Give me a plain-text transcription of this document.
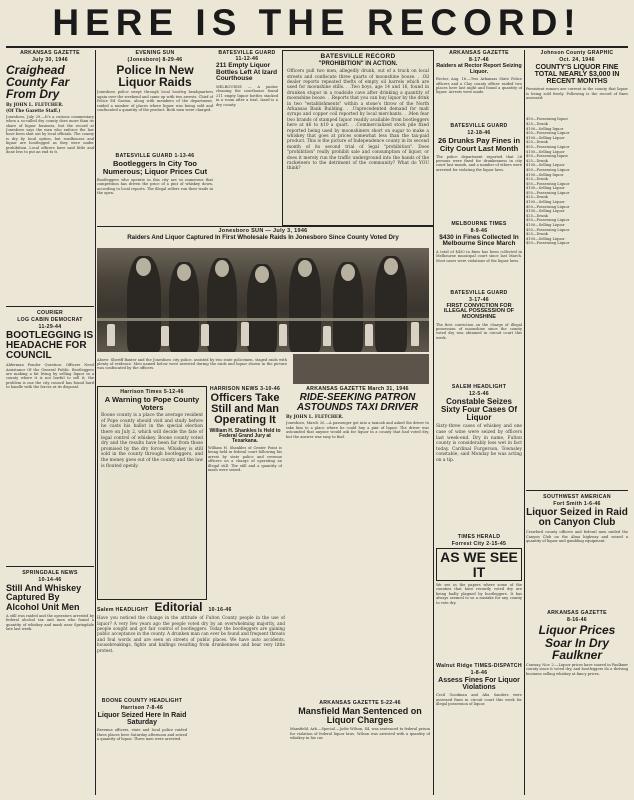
HERE IS THE RECORD!
ARKANSAS GAZETTE
July 30, 1946
Craighead County Far From Dry
By JOHN L. FLETCHER.
(Of The Gazette Staff.)

Jonesboro, July 29.—It's a curious commentary when a so-called dry county does more than its share of liquor business, but the record at Jonesboro says the men who enforce the law have been shut out by local officials. The county is dry by local option, but roadhouses and liquor are bootlegged as they were under prohibition. Local officers have said little and done less to put an end to it.

COURIER
LOG CABIN DEMOCRAT
11-29-44
BOOTLEGGING IS HEADACHE FOR COUNCIL

Alderman Ponder Question: Officers Need Assistance Of the General Public. Bootleggers are making a fat living by selling liquor in a county where it is not lawful to sell it; the problem is one the city council has found hard to handle with the forces at its disposal.

SPRINGDALE NEWS
10-14-46
Still And Whiskey Captured By Alcohol Unit Men

A still was raided and the operators arrested by federal alcohol tax unit men who found a quantity of whiskey and mash near Springdale late last week.

EVENING SUN
(Jonesboro) 8-29-46
Police In New Liquor Raids

Jonesboro police swept through local bootleg headquarters again over the weekend and came up with two arrests. Chief of Police Ed Gaston, along with members of the department, raided a number of places where liquor was being sold and confiscated a quantity of the product. Both men were charged.

BATESVILLE GUARD 1-13-46
Bootleggers In City Too Numerous; Liquor Prices Cut

Bootleggers who operate in this city are so numerous that competition has driven the price of a pint of whiskey down, according to local reports. The illegal sellers run their trade in the open.

BATESVILLE GUARD 11-12-46
211 Empty Liquor Bottles Left At Izard Courthouse

MELBOURNE — A janitor cleaning the courthouse found 211 empty liquor bottles stacked in a room after a trial. Izard is a dry county.

BATESVILLE RECORD
"PROHIBITION" IN ACTION.

Officers pull two men, allegedly drunk, out of a truck on local streets and confiscate three quarts of moonshine booze. . .Oil dealer reports repeated thefts of empty oil barrels which are used for moonshine stills. . .Two boys, age 14 and 16, found in drunken stupor in a roadside cave after drinking a quantity of moonshine booze. . .Reports that you can buy liquor by the drink in two "establishments" within a stone's throw of the North Arkansas Bank Building. . .Unprecedented demand for malt syrups and copper coil reported by local merchants. . .Men fear two brands of stamped liquor readily available from bootleggers here at $6 to $10 a quart. . .Commercialized stock pile fixed reported being used by moonshiners short on sugar to make a whiskey that goes at prices somewhat less than the tax-paid product. This is the picture of Independence county in its second month of its second trial of legal "prohibition". Does "prohibition" really prohibit sale and consumption of liquor, or does it merely run the traffic underground into the hands of the racketeers to the detriment of the community? What do YOU think?

ARKANSAS GAZETTE
8-17-46
Raiders at Rector Report Seizing Liquor.

Rector, Aug. 16.—Two Arkansas State Police officers and a Clay county officer raided two places here last night and found a quantity of liquor. Arrests were made.

BATESVILLE GUARD
12-18-46
26 Drunks Pay Fines in City Court Last Month

The police department reported that 26 persons were fined for drunkenness in city court last month, and a number of others were arrested for violating the liquor laws.

MELBOURNE TIMES
8-9-46
$430 in Fines Collected In Melbourne Since March

A total of $430 in fines has been collected in Melbourne municipal court since last March. Most cases were violations of the liquor laws.

BATESVILLE GUARD
3-17-46
FIRST CONVICTION FOR ILLEGAL POSSESSION OF MOONSHINE

The first conviction on the charge of illegal possession of moonshine since the county voted dry was obtained in circuit court this week.

Johnson County GRAPHIC
Oct. 24, 1946
COUNTY'S LIQUOR FINE TOTAL NEARLY $3,000 IN RECENT MONTHS

Persistent rumors are current in the county that liquor is being sold freely. Following is the record of fines assessed:

$50—Possessing liquor
$25—Drunk
$100—Selling liquor
$50—Possessing Liquor
$100—Selling Liquor
$25—Drunk
$50—Possessing Liquor
$100—Selling Liquor
$50—Possessing liquor
$25—Drunk
$100—Selling Liquor
$50—Possessing Liquor
$100—Selling liquor
$25—Drunk
$50—Possessing Liquor
$100—Selling Liquor
$50—Possessing Liquor
$25—Drunk
$100—Selling Liquor
$50—Possessing Liquor
$100—Selling Liquor
$25—Drunk
$50—Possessing Liquor
$100—Selling Liquor
$50—Possessing Liquor
$25—Drunk
$100—Selling Liquor
$50—Possessing Liquor
Jonesboro SUN — July 3, 1946
Raiders And Liquor Captured In First Wholesale Raids In Jonesboro Since County Voted Dry

Above: Sheriff Baxter and the Jonesboro city police, assisted by two state policemen, staged raids with plenty of evidence. Men named below were arrested during the raids and liquor shown in the picture was confiscated by the officers.

ARKANSAS GAZETTE March 31, 1946
RIDE-SEEKING PATRON ASTOUNDS TAXI DRIVER
By JOHN L. FLETCHER.

Jonesboro, March 30.—A passenger got into a taxicab and asked the driver to take him to a place where he could buy a pint of liquor. The driver was astounded that anyone would ask for liquor in a county that had voted dry, but the answer was easy to find.

Harrison Times 5-12-46
A Warning to Pope County Voters

Boone county is a place the average resident of Pope county should visit and study before he casts his ballot in the special election there on July 2, which will decide the fate of legal control of whiskey. Boone county voted dry and the results have been far from those promised by the dry forces. Whiskey is still sold in the county through bootleggers, and the money goes out of the county and the law is flouted openly.

HARRISON NEWS 3-10-46
Officers Take Still and Man Operating It
William H. Shankles Is Held to Federal Grand Jury at Texarkana.

William H. Shankles of Center Point is being held in federal court following his arrest by state police and revenue officers on a charge of operating an illegal still. The still and a quantity of mash were seized.

Salem HEADLIGHT Editorial 10-16-46

Have you noticed the change in the attitude of Fulton County people in the use of liquor? A very few years ago the people voted dry by an overwhelming majority, and people sought and got fair control of bootleggers. Today the bootleggers are gaining public acceptance in the county. A drunken man can ever be found and frequent threats and foul words and are seen on streets of public places. We have auto accidents, housebreakings, fights and knifings resulting from drunkenness and bear very little protest.

BOONE COUNTY HEADLIGHT
Harrison 7-8-46
Liquor Seized Here In Raid Saturday

Revenue officers, state and local police raided three places here Saturday afternoon and seized a quantity of liquor. Three men were arrested.

ARKANSAS GAZETTE 5-22-46
Mansfield Man Sentenced on Liquor Charges

Mansfield, Ark.—Special.—Jodie Wilson, 44, was sentenced to federal prison for violation of federal liquor laws. Wilson was arrested with a quantity of whiskey in his car.

SALEM HEADLIGHT
12-5-46
Constable Seizes Sixty Four Cases Of Liquor

Sixty-three cases of whiskey and one case of wine were seized by officers last week-end. Dry in name, Fulton county is considerably less wet in fact today. Cardinal Furgerson, Townsley constable, said Monday he was acting on a tip.

TIMES HERALD
Forrest City 2-15-45
AS WE SEE IT

We see in the papers where some of the counties that have recently voted dry are being badly plagued by bootleggers. It has always seemed to us a mistake for any county to vote dry.

Walnut Ridge TIMES-DISPATCH
1-8-46
Assess Fines For Liquor Violations

Cecil Goodman and Alia Sanders were assessed fines in circuit court this week for illegal possession of liquor.

SOUTHWEST AMERICAN
Fort Smith 1-6-46
Liquor Seized in Raid on Canyon Club

Crawford county officers and federal men raided the Canyon Club on the Alma highway and seized a quantity of liquor and gambling equipment.

ARKANSAS GAZETTE
8-16-46
Liquor Prices Soar In Dry Faulkner

Conway, Nov. 2.—Liquor prices have soared in Faulkner county since it voted dry, and bootleggers do a thriving business selling whiskey at fancy prices.
